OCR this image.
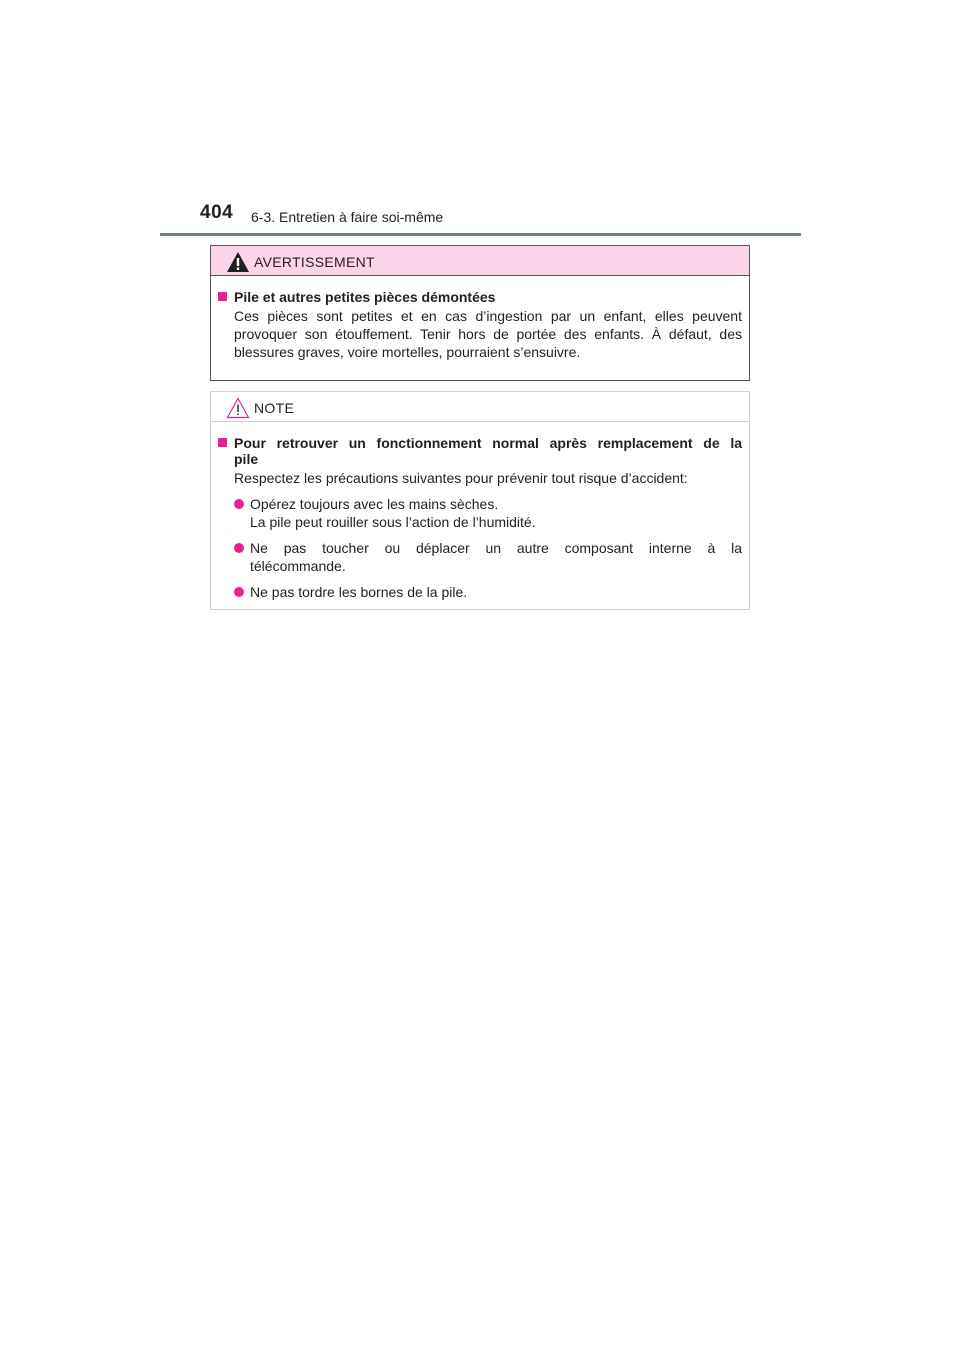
404 6-3. Entretien à faire soi-même
AVERTISSEMENT
Pile et autres petites pièces démontées
Ces pièces sont petites et en cas d’ingestion par un enfant, elles peuvent
provoquer son étouffement. Tenir hors de portée des enfants. À défaut, des
blessures graves, voire mortelles, pourraient s’ensuivre.
NOTE
Pour retrouver un fonctionnement normal après remplacement de la
pile
Respectez les précautions suivantes pour prévenir tout risque d’accident:
Opérez toujours avec les mains sèches.
La pile peut rouiller sous l’action de l’humidité.
Ne pas toucher ou déplacer un autre composant interne à la
télécommande.
Ne pas tordre les bornes de la pile.
